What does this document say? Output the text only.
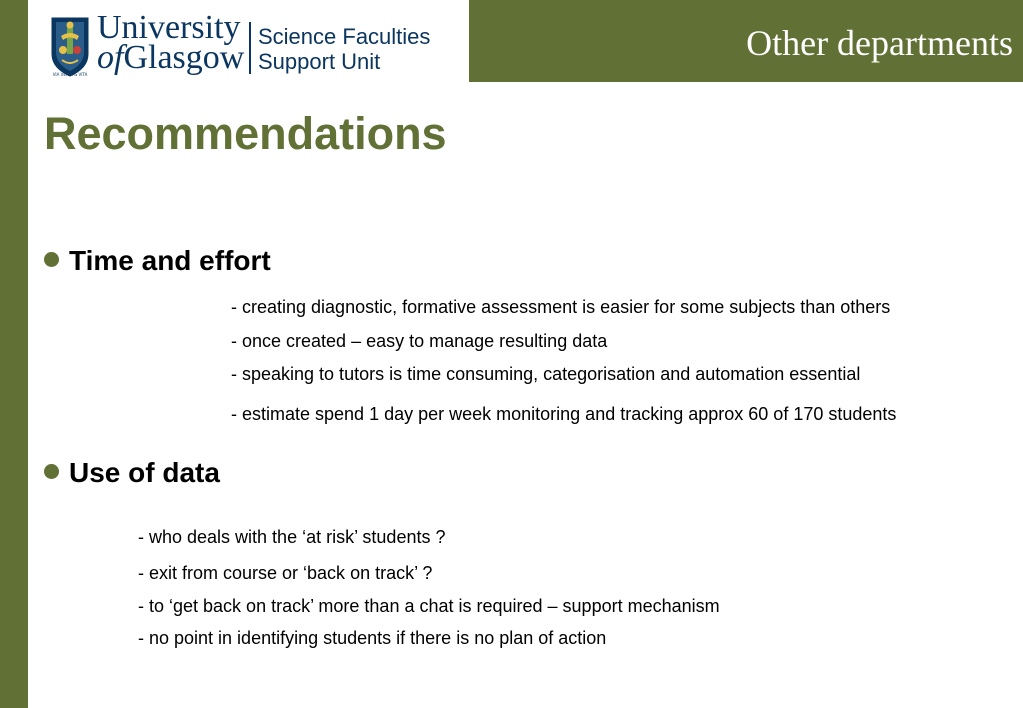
VIA VERITAS VITA
University
ofGlasgow
Science Faculties
Support Unit	Other departments
Recommendations
Time and effort
- creating diagnostic, formative assessment is easier for some subjects than others
- once created – easy to manage resulting data
- speaking to tutors is time consuming, categorisation and automation essential
- estimate spend 1 day per week monitoring and tracking approx 60 of 170 students
Use of data
- who deals with the ‘at risk’ students ?
- exit from course or ‘back on track’ ?
- to ‘get back on track’ more than a chat is required – support mechanism
- no point in identifying students if there is no plan of action
